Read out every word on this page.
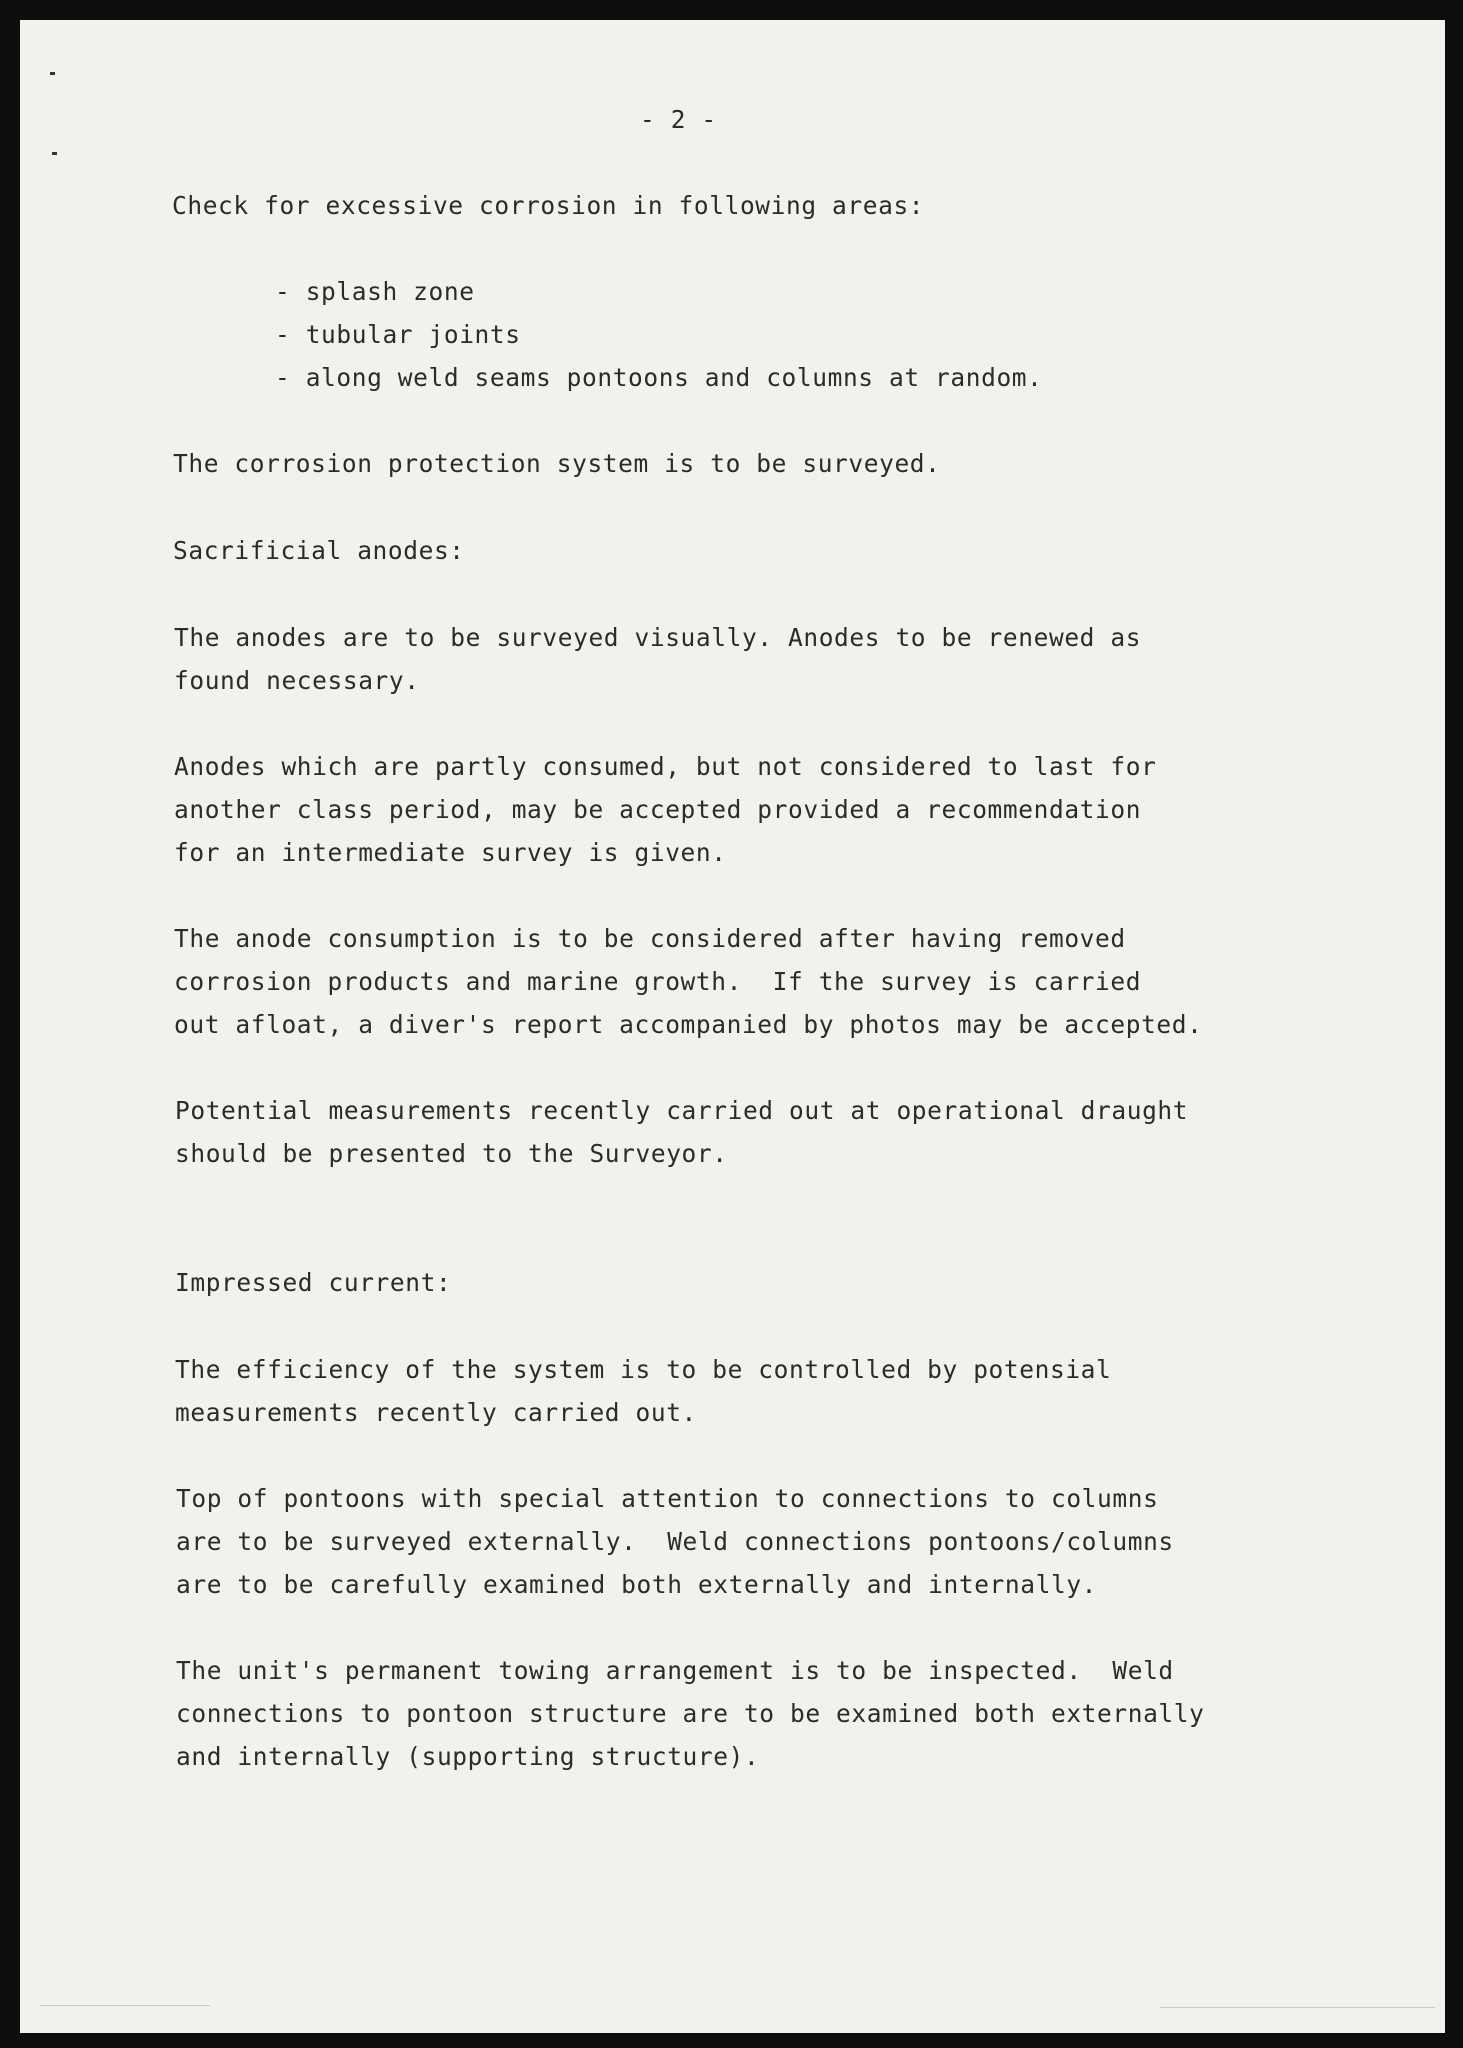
- 2 -
Check for excessive corrosion in following areas:
- splash zone
- tubular joints
- along weld seams pontoons and columns at random.
The corrosion protection system is to be surveyed.
Sacrificial anodes:
The anodes are to be surveyed visually. Anodes to be renewed as
found necessary.
Anodes which are partly consumed, but not considered to last for
another class period, may be accepted provided a recommendation
for an intermediate survey is given.
The anode consumption is to be considered after having removed
corrosion products and marine growth.  If the survey is carried
out afloat, a diver's report accompanied by photos may be accepted.
Potential measurements recently carried out at operational draught
should be presented to the Surveyor.
Impressed current:
The efficiency of the system is to be controlled by potensial
measurements recently carried out.
Top of pontoons with special attention to connections to columns
are to be surveyed externally.  Weld connections pontoons/columns
are to be carefully examined both externally and internally.
The unit's permanent towing arrangement is to be inspected.  Weld
connections to pontoon structure are to be examined both externally
and internally (supporting structure).
